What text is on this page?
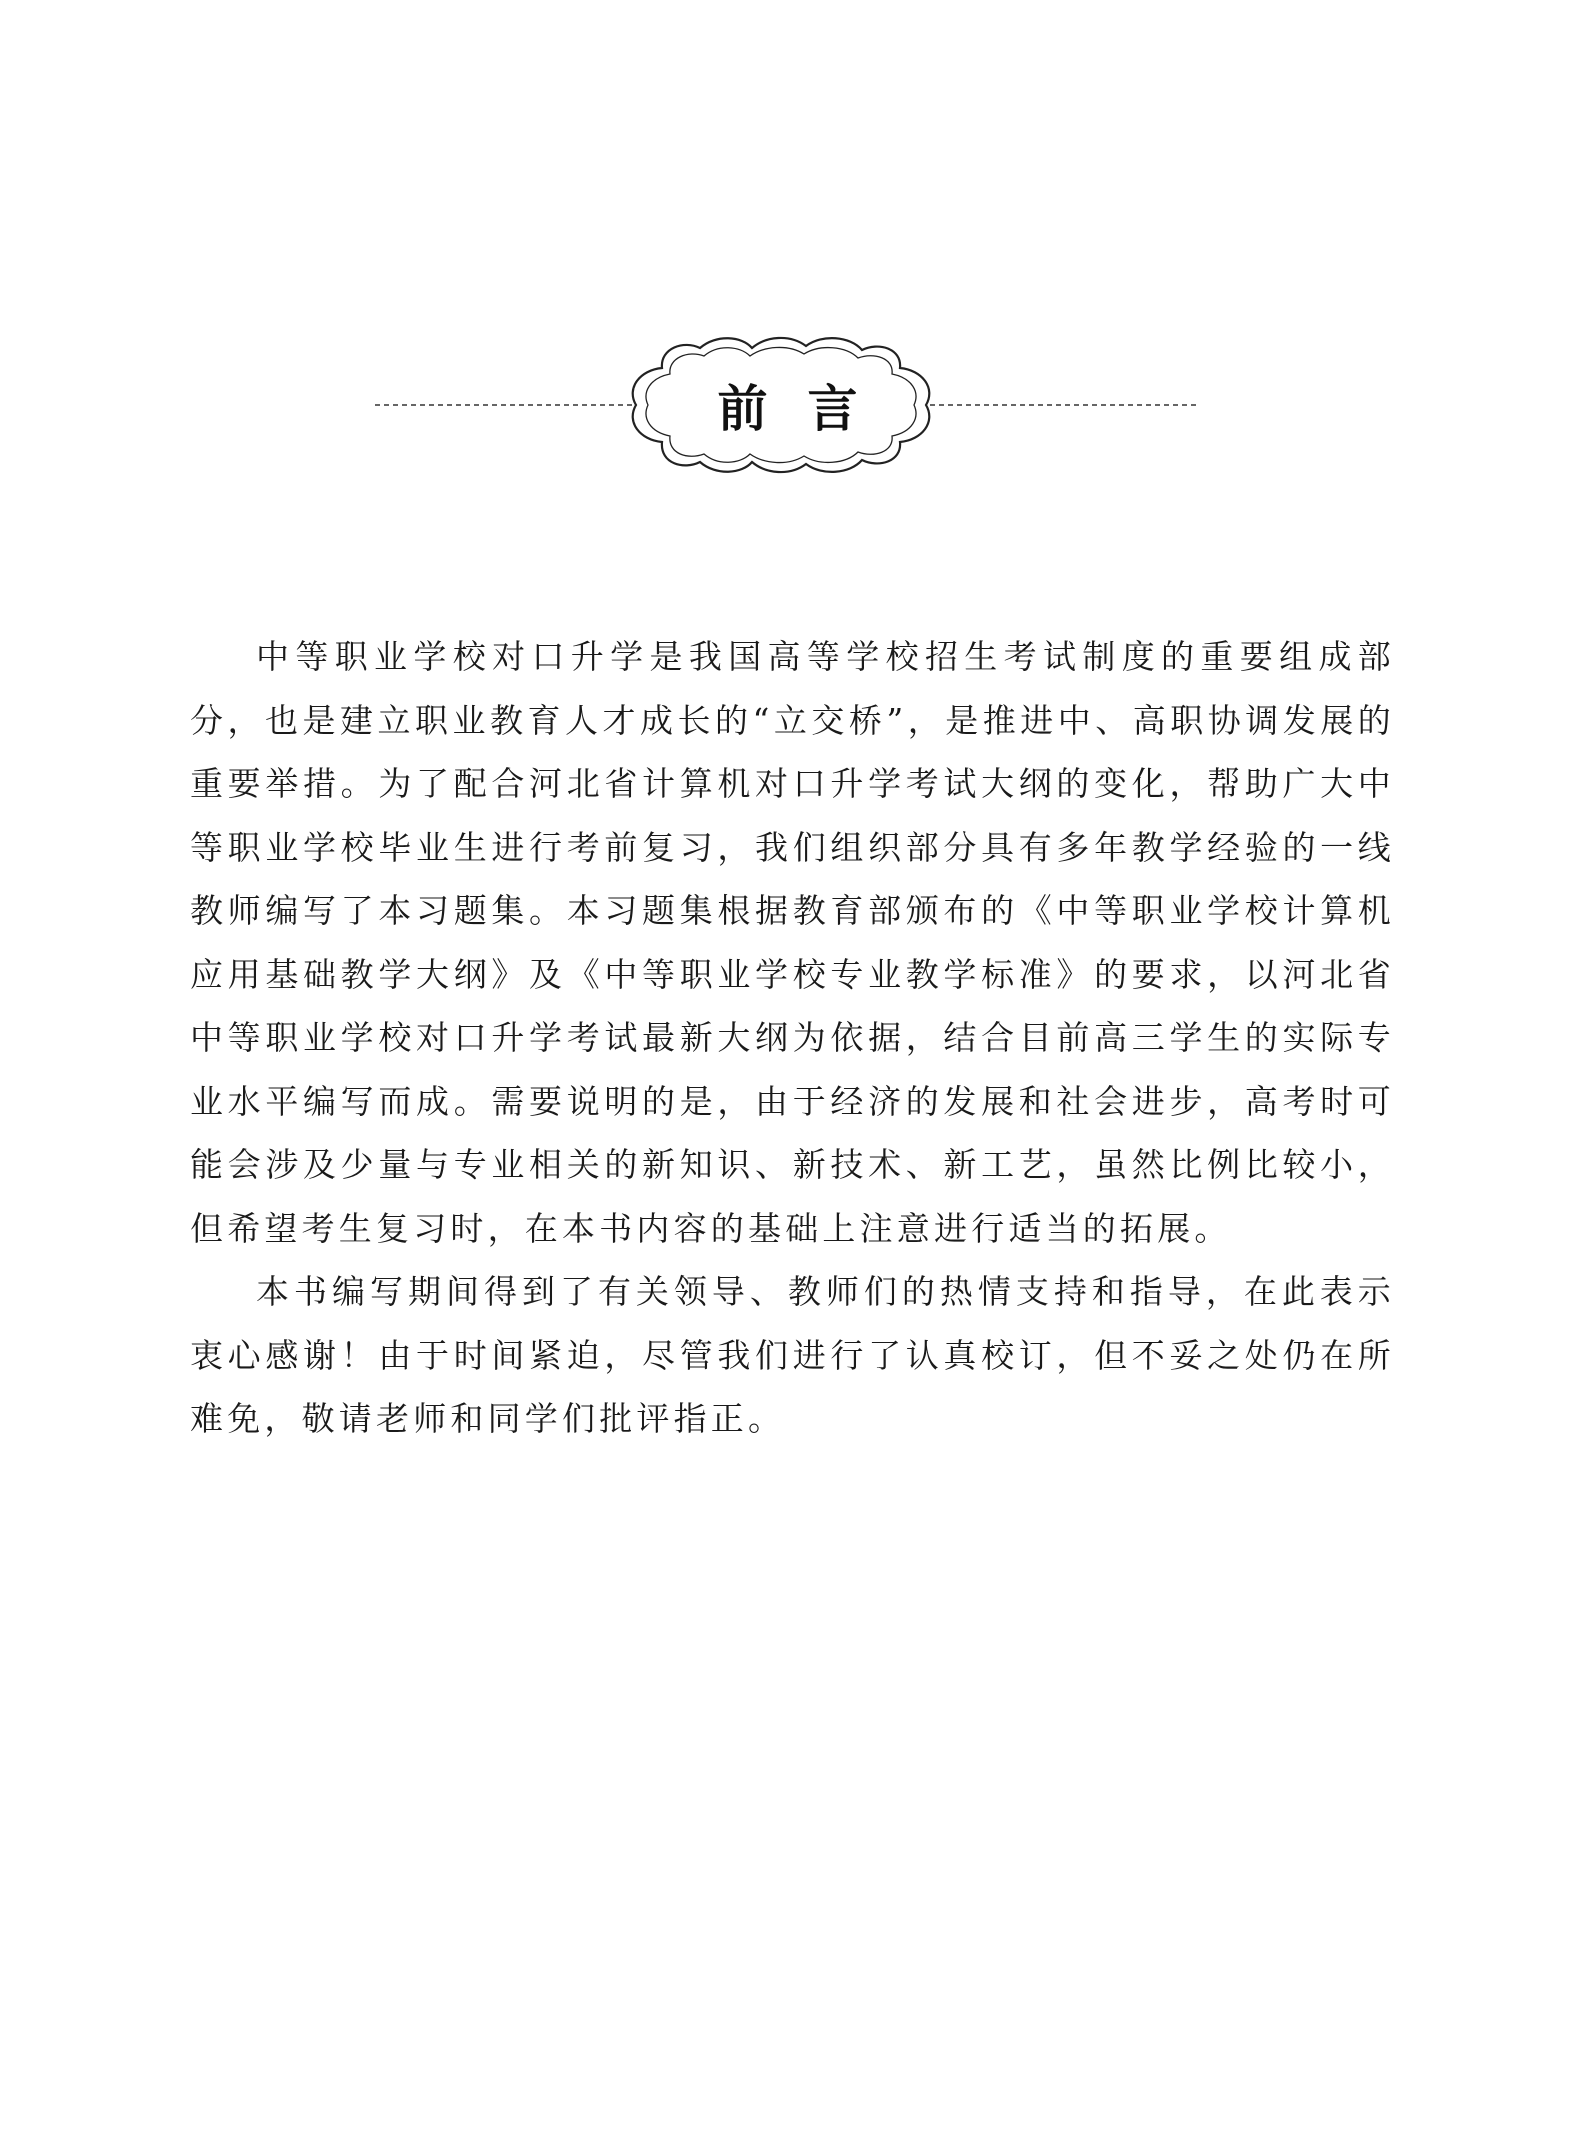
前言

中等职业学校对口升学是我国高等学校招生考试制度的重要组成部分，也是建立职业教育人才成长的“立交桥”，是推进中、高职协调发展的重要举措。为了配合河北省计算机对口升学考试大纲的变化，帮助广大中等职业学校毕业生进行考前复习，我们组织部分具有多年教学经验的一线教师编写了本习题集。本习题集根据教育部颁布的《中等职业学校计算机应用基础教学大纲》及《中等职业学校专业教学标准》的要求，以河北省中等职业学校对口升学考试最新大纲为依据，结合目前高三学生的实际专业水平编写而成。需要说明的是，由于经济的发展和社会进步，高考时可能会涉及少量与专业相关的新知识、新技术、新工艺，虽然比例比较小，但希望考生复习时，在本书内容的基础上注意进行适当的拓展。

本书编写期间得到了有关领导、教师们的热情支持和指导，在此表示衷心感谢！由于时间紧迫，尽管我们进行了认真校订，但不妥之处仍在所难免，敬请老师和同学们批评指正。
